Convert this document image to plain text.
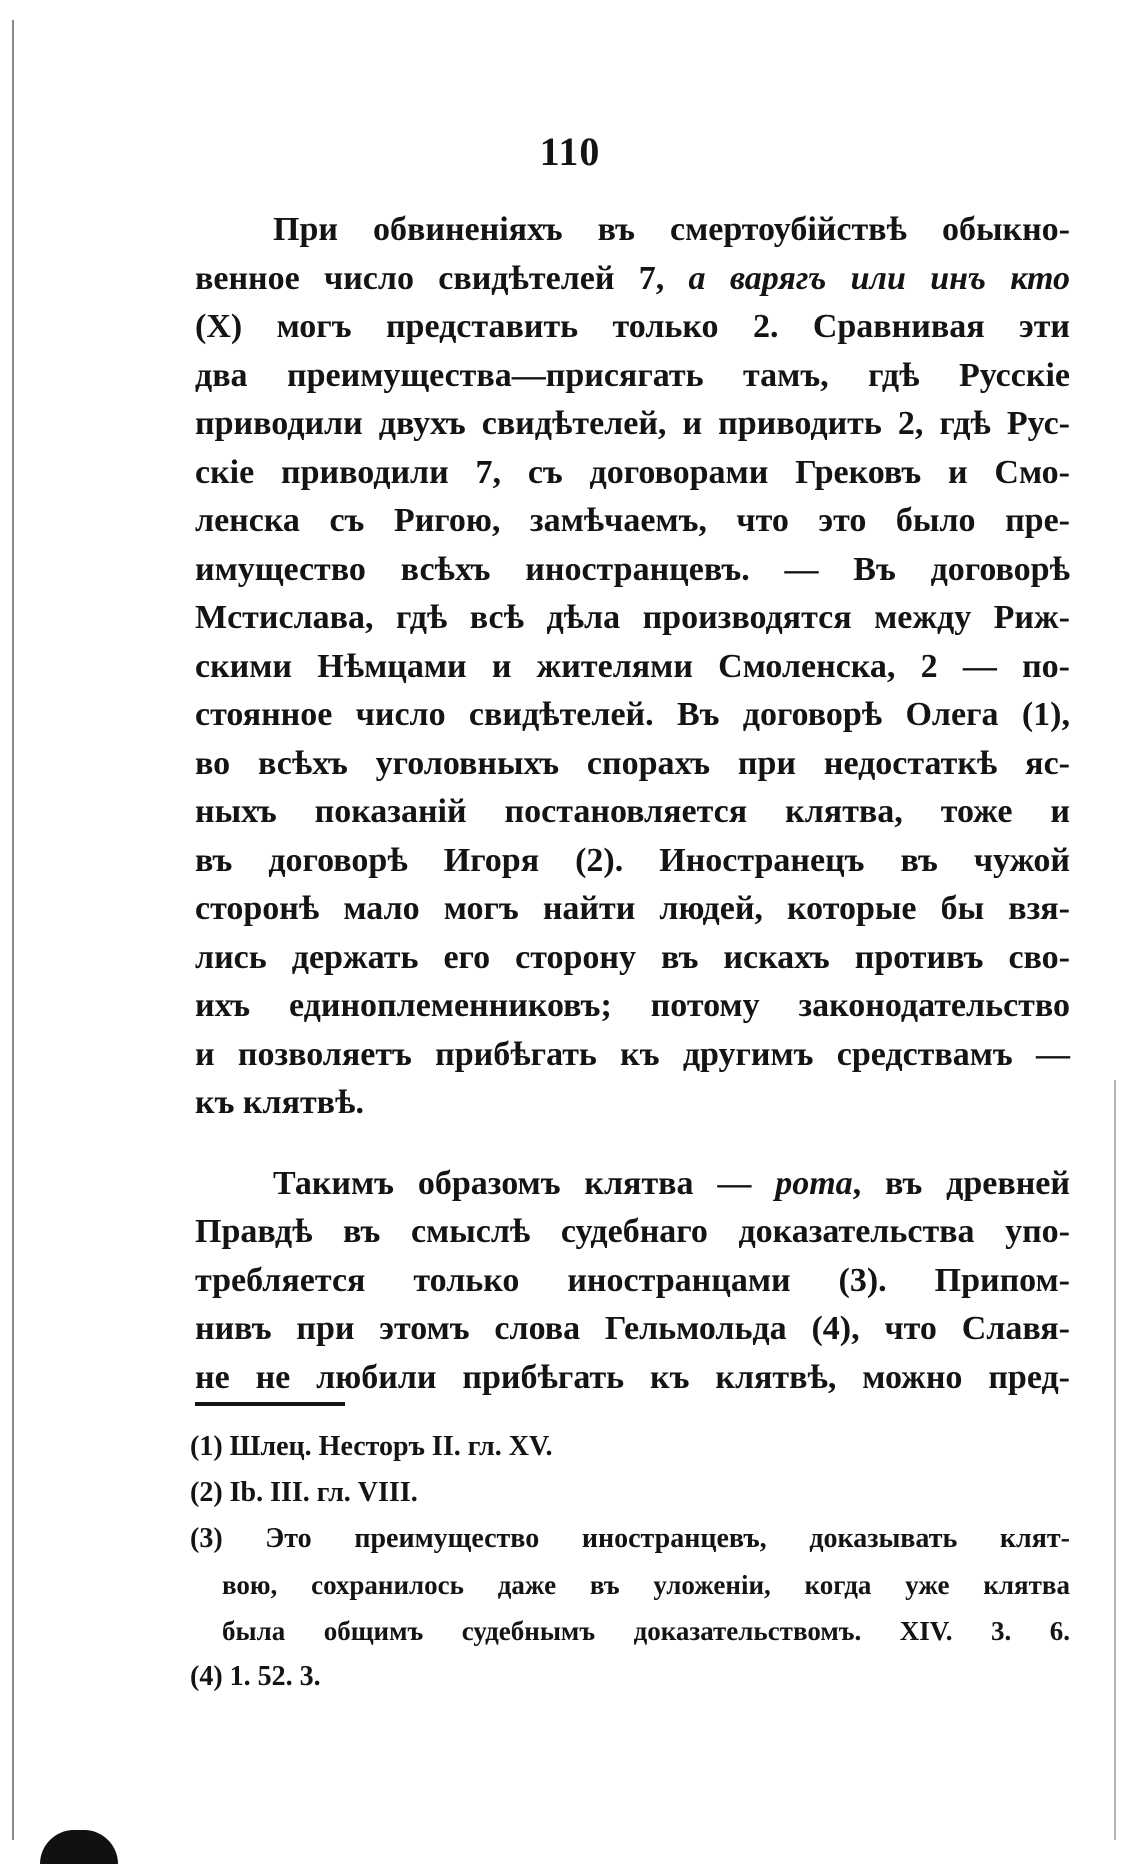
110

При обвиненіяхъ въ смертоубійствѣ обыкно-

венное число свидѣтелей 7, а варягъ или инъ кто

(X) могъ представить только 2. Сравнивая эти

два преимущества—присягать тамъ, гдѣ Русскіе

приводили двухъ свидѣтелей, и приводить 2, гдѣ Рус-

скіе приводили 7, съ договорами Грековъ и Смо-

ленска съ Ригою, замѣчаемъ, что это было пре-

имущество всѣхъ иностранцевъ. — Въ договорѣ

Мстислава, гдѣ всѣ дѣла производятся между Риж-

скими Нѣмцами и жителями Смоленска, 2 — по-

стоянное число свидѣтелей. Въ договорѣ Олега (1),

во всѣхъ уголовныхъ спорахъ при недостаткѣ яс-

ныхъ показаній постановляется клятва, тоже и

въ договорѣ Игоря (2). Иностранецъ въ чужой

сторонѣ мало могъ найти людей, которые бы взя-

лись держать его сторону въ искахъ противъ сво-

ихъ единоплеменниковъ; потому законодательство

и позволяетъ прибѣгать къ другимъ средствамъ —

къ клятвѣ.

Такимъ образомъ клятва — рота, въ древней

Правдѣ въ смыслѣ судебнаго доказательства упо-

требляется только иностранцами (3). Припом-

нивъ при этомъ слова Гельмольда (4), что Славя-

не не любили прибѣгать къ клятвѣ, можно пред-

(1) Шлец. Несторъ II. гл. XV.

(2) Ib. III. гл. VIII.

(3) Это преимущество иностранцевъ, доказывать клят-

вою, сохранилось даже въ уложеніи, когда уже клятва

была общимъ судебнымъ доказательствомъ. XIV. 3. 6.

(4) 1. 52. 3.
